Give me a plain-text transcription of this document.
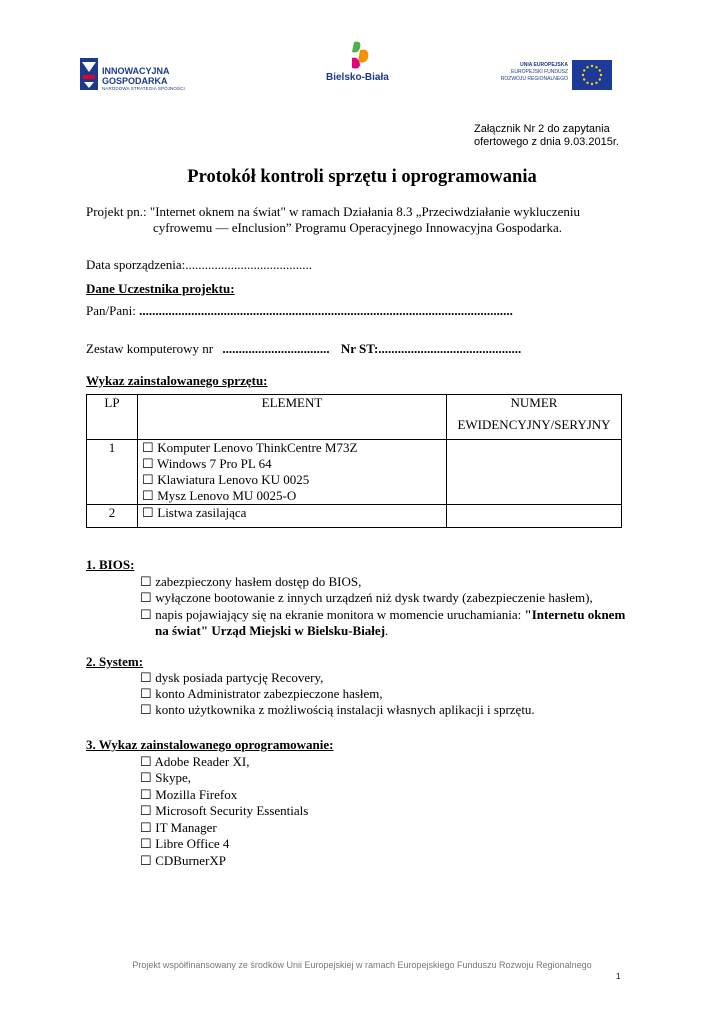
INNOWACYJNA
GOSPODARKA
NARODOWA STRATEGIA SPÓJNOŚCI
Bielsko-Biała
UNIA EUROPEJSKA
EUROPEJSKI FUNDUSZ
ROZWOJU REGIONALNEGO
Załącznik Nr 2 do zapytania
ofertowego z dnia 9.03.2015r.
Protokół kontroli sprzętu i oprogramowania
Projekt pn.: "Internet oknem na świat" w ramach Działania 8.3 „Przeciwdziałanie wykluczeniu
cyfrowemu — eInclusion” Programu Operacyjnego Innowacyjna Gospodarka.
Data sporządzenia:.......................................
Dane Uczestnika projektu:
Pan/Pani: ...................................................................................................................
Zestaw komputerowy nr ................................. Nr ST:............................................
Wykaz zainstalowanego sprzętu:
LP	ELEMENT	NUMER
EWIDENCYJNY/SERYJNY

1	☐ Komputer Lenovo ThinkCentre M73Z
☐ Windows 7 Pro PL 64
☐ Klawiatura Lenovo KU 0025
☐ Mysz Lenovo MU 0025-O	

2	☐ Listwa zasilająca	

1. BIOS:
☐ zabezpieczony hasłem dostęp do BIOS,
☐ wyłączone bootowanie z innych urządzeń niż dysk twardy (zabezpieczenie hasłem),
☐ napis pojawiający się na ekranie monitora w momencie uruchamiania: "Internetu oknem
na świat" Urząd Miejski w Bielsku-Białej.
2. System:
☐ dysk posiada partycję Recovery,
☐ konto Administrator zabezpieczone hasłem,
☐ konto użytkownika z możliwością instalacji własnych aplikacji i sprzętu.
3. Wykaz zainstalowanego oprogramowanie:
☐ Adobe Reader XI,
☐ Skype,
☐ Mozilla Firefox
☐ Microsoft Security Essentials
☐ IT Manager
☐ Libre Office 4
☐ CDBurnerXP
Projekt współfinansowany ze środków Unii Europejskiej w ramach Europejskiego Funduszu Rozwoju Regionalnego
1
